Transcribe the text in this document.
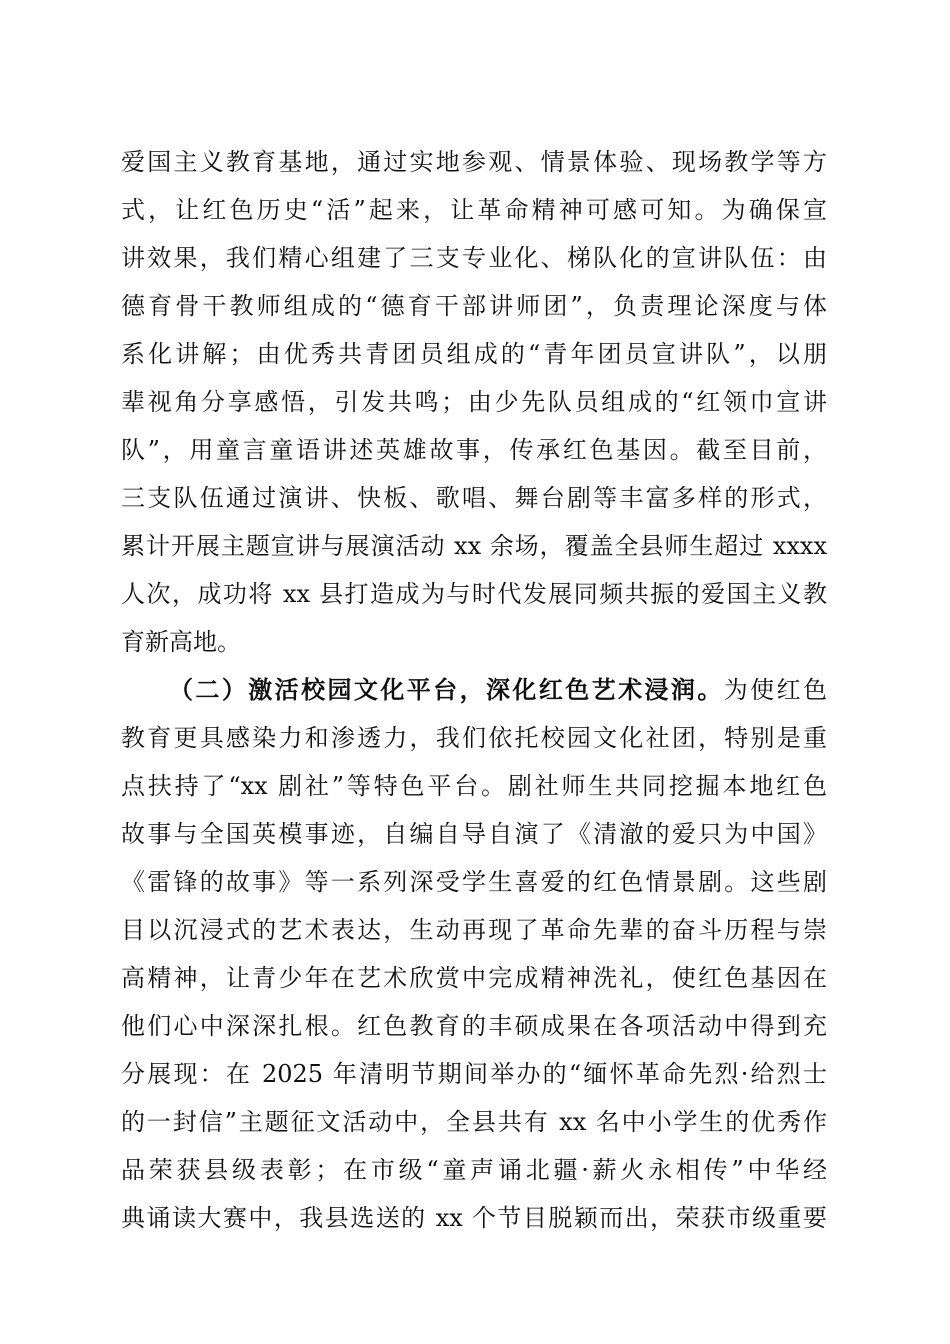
爱国主义教育基地，通过实地参观、情景体验、现场教学等方
式，让红色历史“活”起来，让革命精神可感可知。为确保宣
讲效果，我们精心组建了三支专业化、梯队化的宣讲队伍：由
德育骨干教师组成的“德育干部讲师团”，负责理论深度与体
系化讲解；由优秀共青团员组成的“青年团员宣讲队”，以朋
辈视角分享感悟，引发共鸣；由少先队员组成的“红领巾宣讲
队”，用童言童语讲述英雄故事，传承红色基因。截至目前，
三支队伍通过演讲、快板、歌唱、舞台剧等丰富多样的形式，
累计开展主题宣讲与展演活动 xx 余场，覆盖全县师生超过 xxxx
人次，成功将 xx 县打造成为与时代发展同频共振的爱国主义教
育新高地。
（二）激活校园文化平台，深化红色艺术浸润。为使红色
教育更具感染力和渗透力，我们依托校园文化社团，特别是重
点扶持了“xx 剧社”等特色平台。剧社师生共同挖掘本地红色
故事与全国英模事迹，自编自导自演了《清澈的爱只为中国》
《雷锋的故事》等一系列深受学生喜爱的红色情景剧。这些剧
目以沉浸式的艺术表达，生动再现了革命先辈的奋斗历程与崇
高精神，让青少年在艺术欣赏中完成精神洗礼，使红色基因在
他们心中深深扎根。红色教育的丰硕成果在各项活动中得到充
分展现：在 2025 年清明节期间举办的“缅怀革命先烈·给烈士
的一封信”主题征文活动中，全县共有 xx 名中小学生的优秀作
品荣获县级表彰；在市级“童声诵北疆·薪火永相传”中华经
典诵读大赛中，我县选送的 xx 个节目脱颖而出，荣获市级重要
